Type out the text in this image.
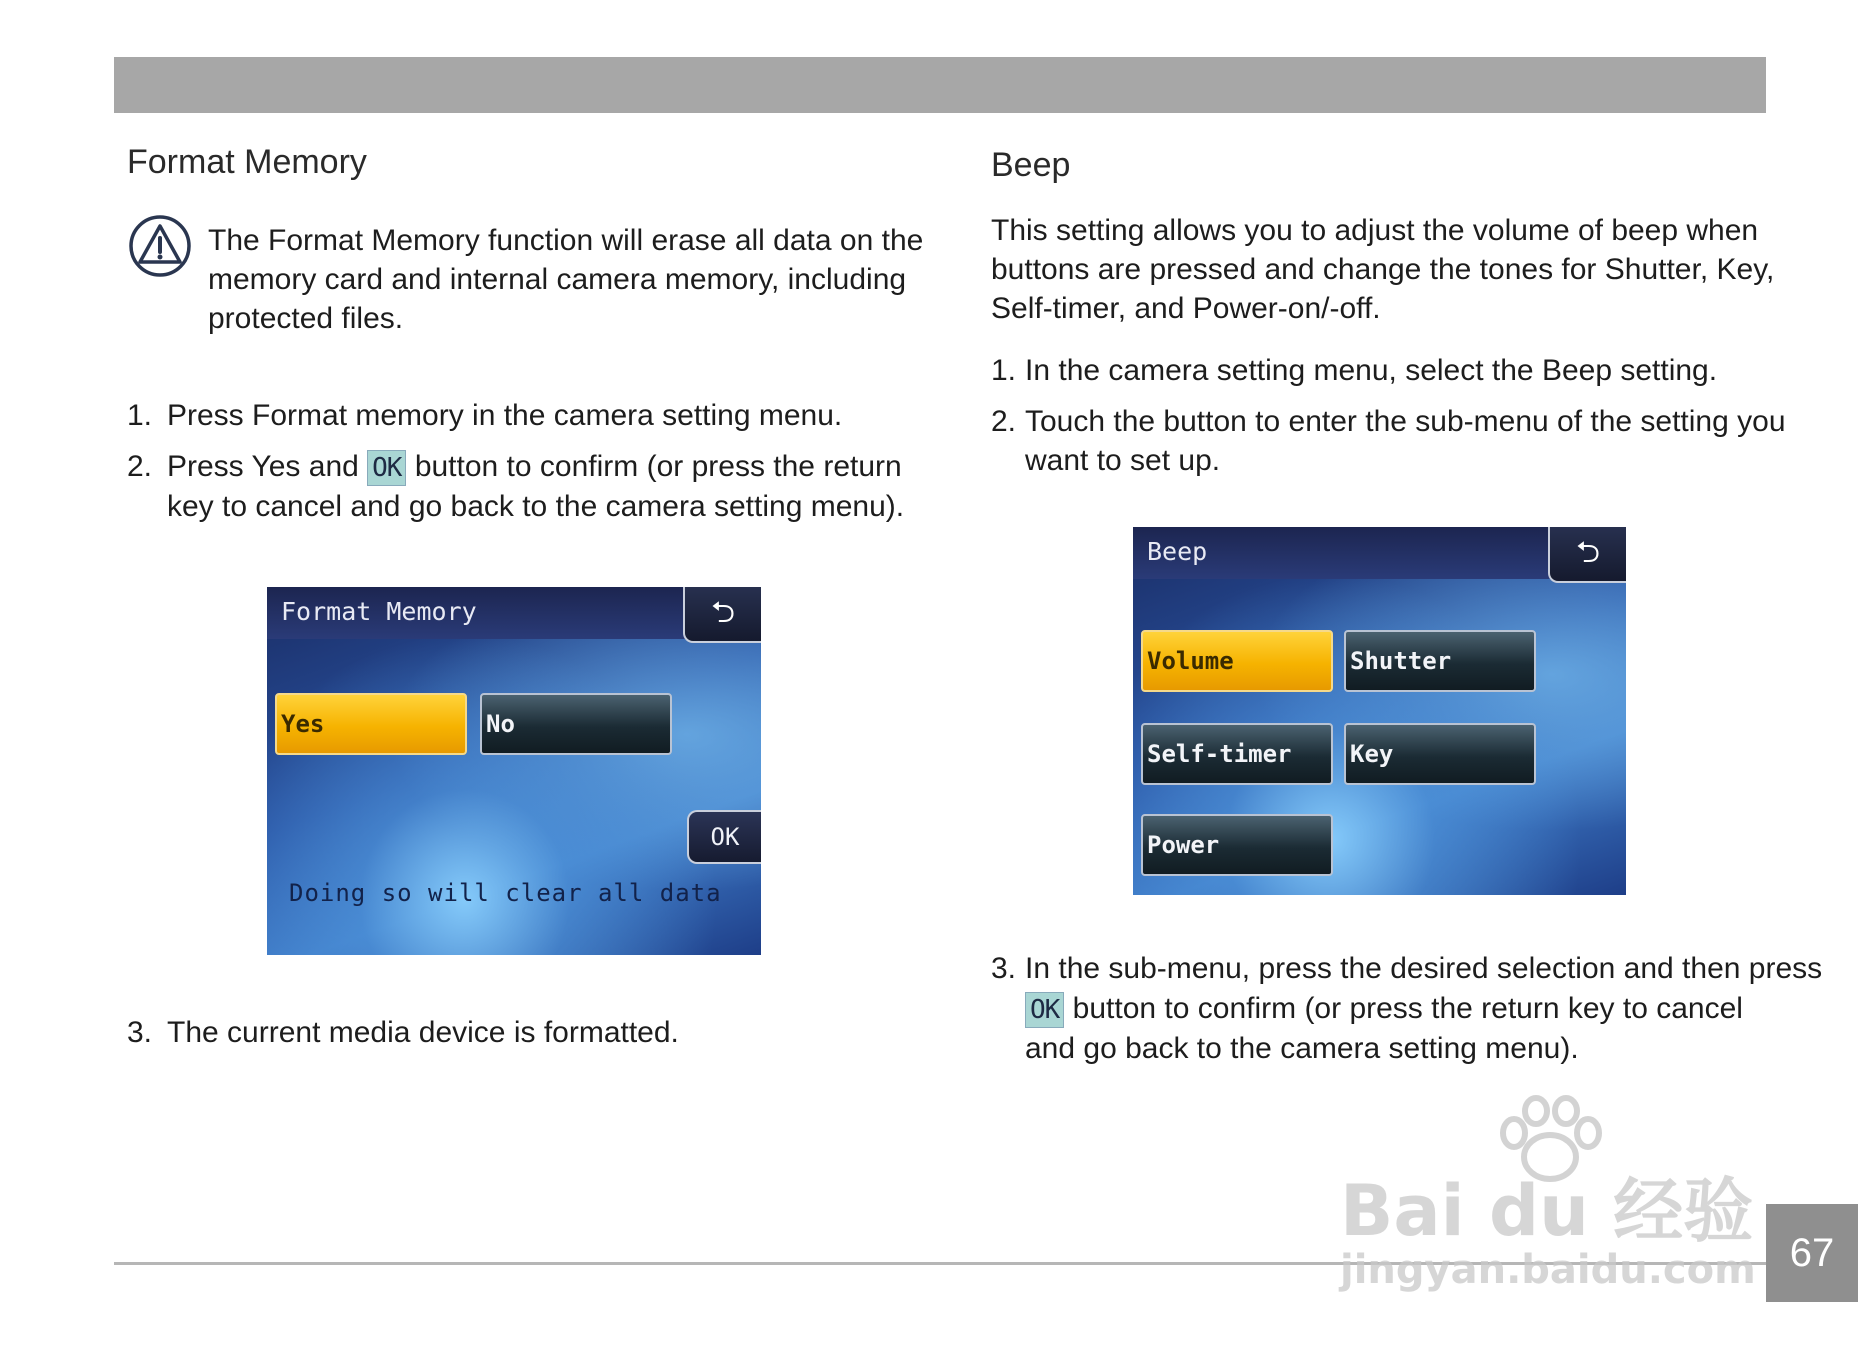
Format Memory

The Format Memory function will erase all data on the

memory card and internal camera memory, including

protected files.

1. Press Format memory in the camera setting menu.
2. Press Yes and OK button to confirm (or press the return
key to cancel and go back to the camera setting menu).
Format Memory	⮌
Yes	No
OK
Doing so will clear all data
3. The current media device is formatted.
Beep

This setting allows you to adjust the volume of beep when

buttons are pressed and change the tones for Shutter, Key,

Self-timer, and Power-on/-off.

1. In the camera setting menu, select the Beep setting.
2. Touch the button to enter the sub-menu of the setting you
want to set up.
Beep	⮌
Volume	Shutter
Self-timer	Key
Power
3. In the sub-menu, press the desired selection and then press
OK button to confirm (or press the return key to cancel
and go back to the camera setting menu).
Bai du 经验
jingyan.baidu.com 67
